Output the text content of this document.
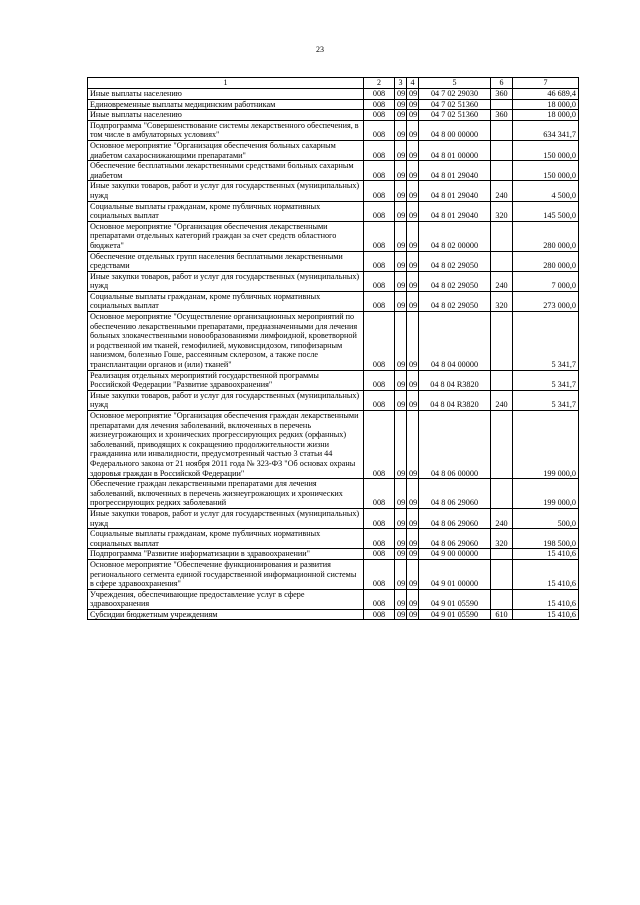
23
1	2	3	4	5	6	7
Иные выплаты населению	008	09	09	04 7 02 29030	360	46 689,4
Единовременные выплаты медицинским работникам	008	09	09	04 7 02 51360		18 000,0
Иные выплаты населению	008	09	09	04 7 02 51360	360	18 000,0
Подпрограмма "Совершенствование системы лекарственного обеспечения, в том числе в амбулаторных условиях"	008	09	09	04 8 00 00000		634 341,7
Основное мероприятие "Организация обеспечения больных сахарным диабетом сахароснижающими препаратами"	008	09	09	04 8 01 00000		150 000,0
Обеспечение бесплатными лекарственными средствами больных сахарным диабетом	008	09	09	04 8 01 29040		150 000,0
Иные закупки товаров, работ и услуг для государственных (муниципальных) нужд	008	09	09	04 8 01 29040	240	4 500,0
Социальные выплаты гражданам, кроме публичных нормативных социальных выплат	008	09	09	04 8 01 29040	320	145 500,0
Основное мероприятие "Организация обеспечения лекарственными препаратами отдельных категорий граждан за счет средств областного бюджета"	008	09	09	04 8 02 00000		280 000,0
Обеспечение отдельных групп населения бесплатными лекарственными средствами	008	09	09	04 8 02 29050		280 000,0
Иные закупки товаров, работ и услуг для государственных (муниципальных) нужд	008	09	09	04 8 02 29050	240	7 000,0
Социальные выплаты гражданам, кроме публичных нормативных социальных выплат	008	09	09	04 8 02 29050	320	273 000,0
Основное мероприятие "Осуществление организационных мероприятий по обеспечению лекарственными препаратами, предназначенными для лечения больных злокачественными новообразованиями лимфоидной, кроветворной и родственной им тканей, гемофилией, муковисцидозом, гипофизарным нанизмом, болезнью Гоше, рассеянным склерозом, а также после трансплантации органов и (или) тканей"	008	09	09	04 8 04 00000		5 341,7
Реализация отдельных мероприятий государственной программы Российской Федерации "Развитие здравоохранения"	008	09	09	04 8 04 R3820		5 341,7
Иные закупки товаров, работ и услуг для государственных (муниципальных) нужд	008	09	09	04 8 04 R3820	240	5 341,7
Основное мероприятие "Организация обеспечения граждан лекарственными препаратами для лечения заболеваний, включенных в перечень жизнеугрожающих и хронических прогрессирующих редких (орфанных) заболеваний, приводящих к сокращению продолжительности жизни гражданина или инвалидности, предусмотренный частью 3 статьи 44 Федерального закона от 21 ноября 2011 года № 323-ФЗ "Об основах охраны здоровья граждан в Российской Федерации"	008	09	09	04 8 06 00000		199 000,0
Обеспечение граждан лекарственными препаратами для лечения заболеваний, включенных в перечень жизнеугрожающих и хронических прогрессирующих редких заболеваний	008	09	09	04 8 06 29060		199 000,0
Иные закупки товаров, работ и услуг для государственных (муниципальных) нужд	008	09	09	04 8 06 29060	240	500,0
Социальные выплаты гражданам, кроме публичных нормативных социальных выплат	008	09	09	04 8 06 29060	320	198 500,0
Подпрограмма "Развитие информатизации в здравоохранении"	008	09	09	04 9 00 00000		15 410,6
Основное мероприятие "Обеспечение функционирования и развития регионального сегмента единой государственной информационной системы в сфере здравоохранения"	008	09	09	04 9 01 00000		15 410,6
Учреждения, обеспечивающие предоставление услуг в сфере здравоохранения	008	09	09	04 9 01 05590		15 410,6
Субсидии бюджетным учреждениям	008	09	09	04 9 01 05590	610	15 410,6
